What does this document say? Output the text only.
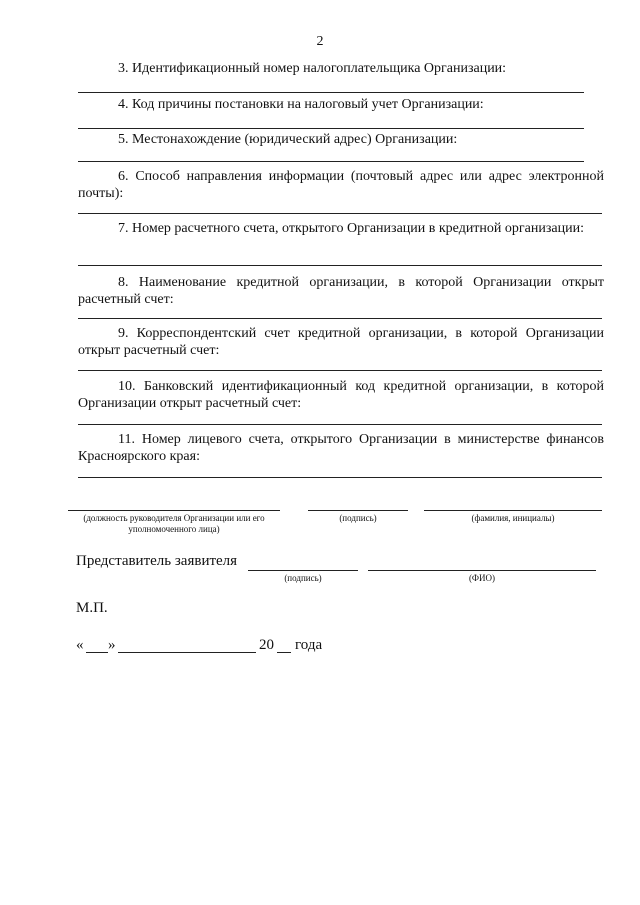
2
3. Идентификационный номер налогоплательщика Организации:
4. Код причины постановки на налоговый учет Организации:
5. Местонахождение (юридический адрес) Организации:
6. Способ направления информации (почтовый адрес или адрес электронной почты):
7. Номер расчетного счета, открытого Организации в кредитной организации:
8. Наименование кредитной организации, в которой Организации открыт расчетный счет:
9. Корреспондентский счет кредитной организации, в которой Организации открыт расчетный счет:
10. Банковский идентификационный код кредитной организации, в которой Организации открыт расчетный счет:
11. Номер лицевого счета, открытого Организации в министерстве финансов Красноярского края:
(должность руководителя Организации или его уполномоченного лица)
(подпись)	(фамилия, инициалы)
Представитель заявителя
(подпись)	(ФИО)
М.П.
« »	20 года
